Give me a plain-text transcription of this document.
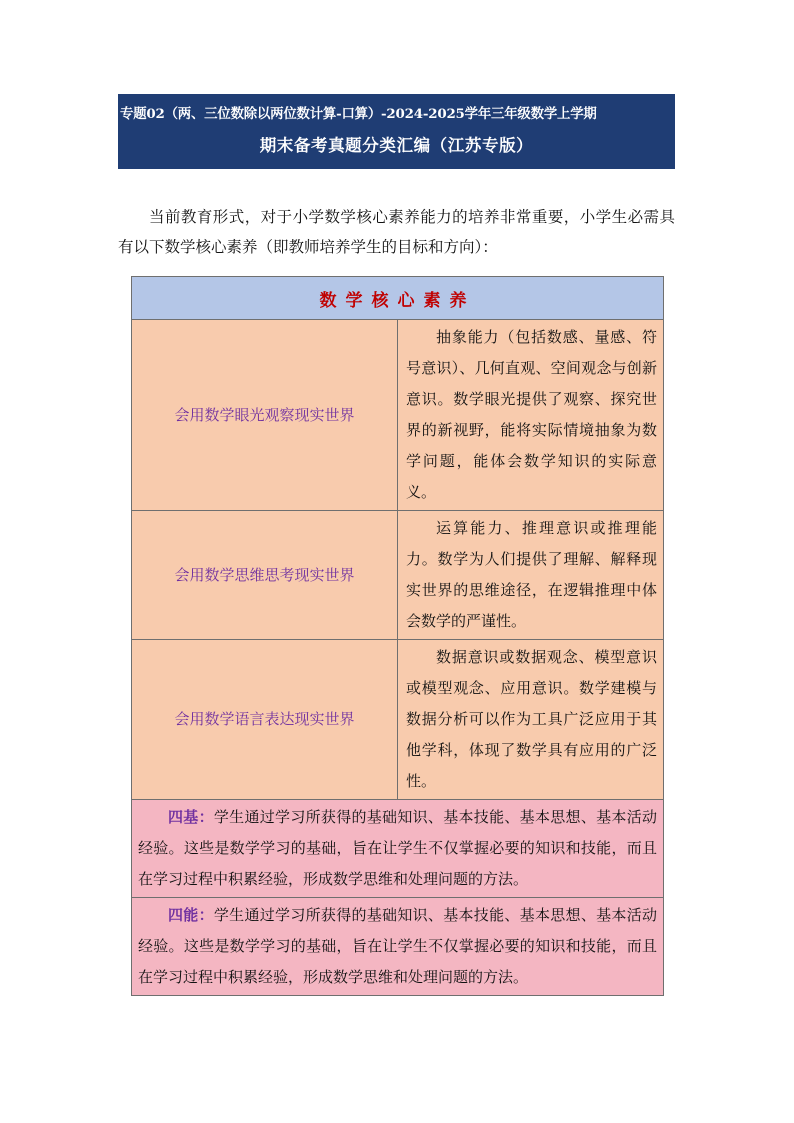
专题02（两、三位数除以两位数计算-口算）-2024-2025学年三年级数学上学期
期末备考真题分类汇编（江苏专版）

当前教育形式，对于小学数学核心素养能力的培养非常重要，小学生必需具有以下数学核心素养（即教师培养学生的目标和方向）：

数学核心素养	
会用数学眼光观察现实世界	抽象能力（包括数感、量感、符号意识）、几何直观、空间观念与创新意识。数学眼光提供了观察、探究世界的新视野，能将实际情境抽象为数学问题，能体会数学知识的实际意义。
会用数学思维思考现实世界	运算能力、推理意识或推理能力。数学为人们提供了理解、解释现实世界的思维途径，在逻辑推理中体会数学的严谨性。
会用数学语言表达现实世界	数据意识或数据观念、模型意识或模型观念、应用意识。数学建模与数据分析可以作为工具广泛应用于其他学科，体现了数学具有应用的广泛性。
四基：学生通过学习所获得的基础知识、基本技能、基本思想、基本活动经验。这些是数学学习的基础，旨在让学生不仅掌握必要的知识和技能，而且在学习过程中积累经验，形成数学思维和处理问题的方法。	
四能：学生通过学习所获得的基础知识、基本技能、基本思想、基本活动经验。这些是数学学习的基础，旨在让学生不仅掌握必要的知识和技能，而且在学习过程中积累经验，形成数学思维和处理问题的方法。	
